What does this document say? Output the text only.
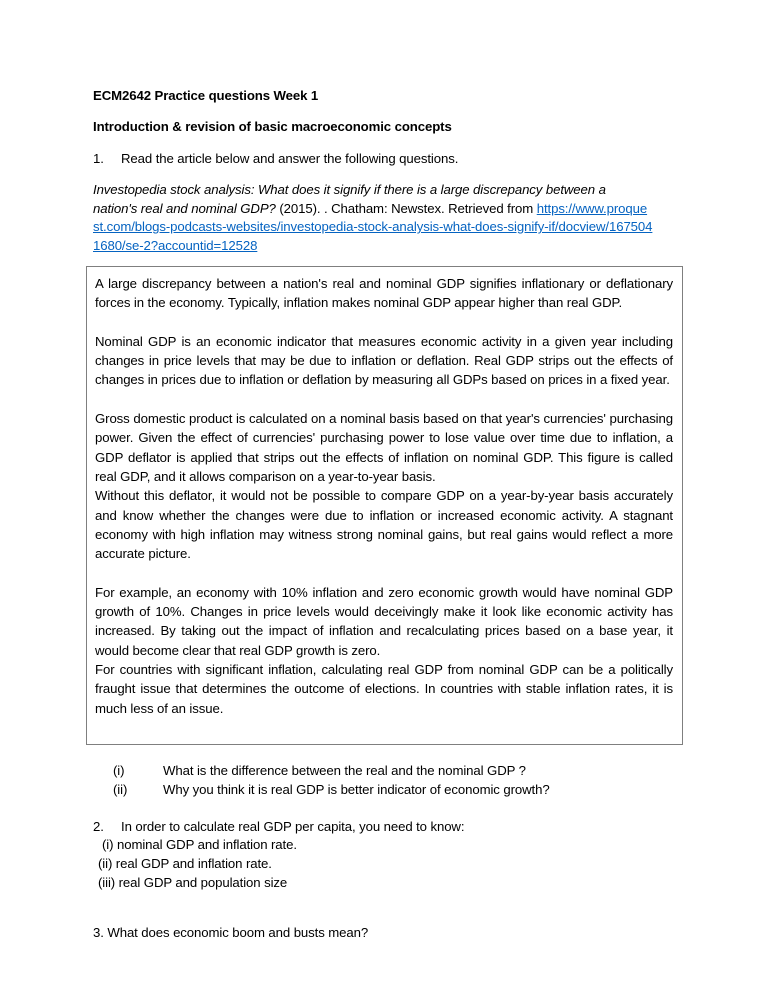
ECM2642 Practice questions Week 1
Introduction & revision of basic macroeconomic concepts
1. Read the article below and answer the following questions.
Investopedia stock analysis: What does it signify if there is a large discrepancy between a nation's real and nominal GDP? (2015). . Chatham: Newstex. Retrieved from https://www.proquest.com/blogs-podcasts-websites/investopedia-stock-analysis-what-does-signify-if/docview/1675041680/se-2?accountid=12528

A large discrepancy between a nation's real and nominal GDP signifies inflationary or deflationary forces in the economy. Typically, inflation makes nominal GDP appear higher than real GDP.

Nominal GDP is an economic indicator that measures economic activity in a given year including changes in price levels that may be due to inflation or deflation. Real GDP strips out the effects of changes in prices due to inflation or deflation by measuring all GDPs based on prices in a fixed year.

Gross domestic product is calculated on a nominal basis based on that year's currencies' purchasing power. Given the effect of currencies' purchasing power to lose value over time due to inflation, a GDP deflator is applied that strips out the effects of inflation on nominal GDP. This figure is called real GDP, and it allows comparison on a year-to-year basis.

Without this deflator, it would not be possible to compare GDP on a year-by-year basis accurately and know whether the changes were due to inflation or increased economic activity. A stagnant economy with high inflation may witness strong nominal gains, but real gains would reflect a more accurate picture.

For example, an economy with 10% inflation and zero economic growth would have nominal GDP growth of 10%. Changes in price levels would deceivingly make it look like economic activity has increased. By taking out the impact of inflation and recalculating prices based on a base year, it would become clear that real GDP growth is zero.

For countries with significant inflation, calculating real GDP from nominal GDP can be a politically fraught issue that determines the outcome of elections. In countries with stable inflation rates, it is much less of an issue.

(i)	What is the difference between the real and the nominal GDP ?
(ii)	Why you think it is real GDP is better indicator of economic growth?
2. In order to calculate real GDP per capita, you need to know:
(i) nominal GDP and inflation rate.
(ii) real GDP and inflation rate.
(iii) real GDP and population size
3. What does economic boom and busts mean?
